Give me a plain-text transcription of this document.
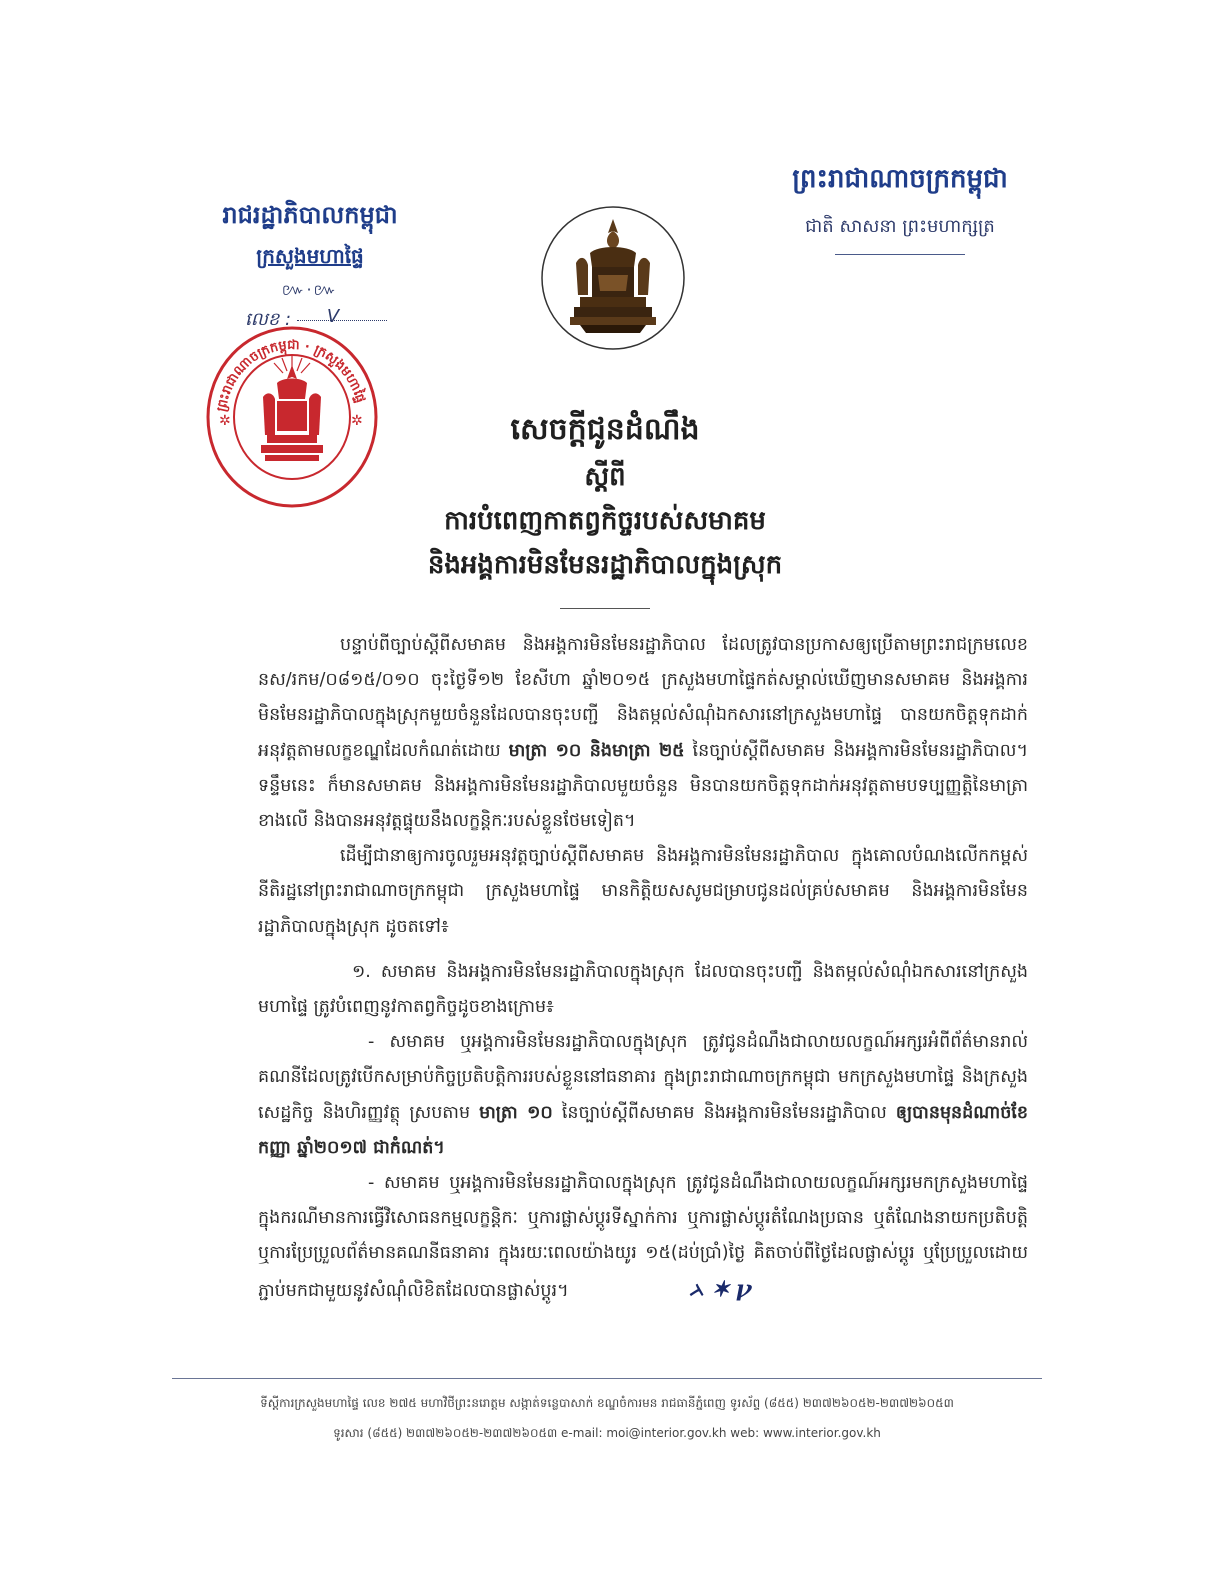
ព្រះរាជាណាចក្រកម្ពុជា
ជាតិ សាសនា ព្រះមហាក្សត្រ
រាជរដ្ឋាភិបាលកម្ពុជា
ក្រសួងមហាផ្ទៃ
៚·៚
លេខ : V
✲	✲
ព្រះរាជាណាចក្រកម្ពុជា · ក្រសួងមហាផ្ទៃ
សេចក្តីជូនដំណឹង
ស្តីពី
ការបំពេញកាតព្វកិច្ចរបស់សមាគម
និងអង្គការមិនមែនរដ្ឋាភិបាលក្នុងស្រុក

បន្ទាប់ពីច្បាប់ស្តីពីសមាគម និងអង្គការមិនមែនរដ្ឋាភិបាល ដែលត្រូវបានប្រកាសឲ្យប្រើតាមព្រះរាជក្រមលេខ នស/រកម/០៨១៥/០១០ ចុះថ្ងៃទី១២ ខែសីហា ឆ្នាំ២០១៥ ក្រសួងមហាផ្ទៃកត់សម្គាល់ឃើញមានសមាគម និងអង្គការមិនមែនរដ្ឋាភិបាលក្នុងស្រុកមួយចំនួនដែលបានចុះបញ្ជី និងតម្កល់សំណុំឯកសារនៅក្រសួងមហាផ្ទៃ បានយកចិត្តទុកដាក់អនុវត្តតាមលក្ខខណ្ឌដែលកំណត់ដោយ មាត្រា ១០ និងមាត្រា ២៥ នៃច្បាប់ស្តីពីសមាគម និងអង្គការមិនមែនរដ្ឋាភិបាល។ ទន្ទឹមនេះ ក៏មានសមាគម និងអង្គការមិនមែនរដ្ឋាភិបាលមួយចំនួន មិនបានយកចិត្តទុកដាក់អនុវត្តតាមបទប្បញ្ញត្តិនៃមាត្រាខាងលើ និងបានអនុវត្តផ្ទុយនឹងលក្ខន្តិកៈរបស់ខ្លួនថែមទៀត។

ដើម្បីជានាឲ្យការចូលរួមអនុវត្តច្បាប់ស្តីពីសមាគម និងអង្គការមិនមែនរដ្ឋាភិបាល ក្នុងគោលបំណងលើកកម្ពស់នីតិរដ្ឋនៅព្រះរាជាណាចក្រកម្ពុជា ក្រសួងមហាផ្ទៃ មានកិត្តិយសសូមជម្រាបជូនដល់គ្រប់សមាគម និងអង្គការមិនមែនរដ្ឋាភិបាលក្នុងស្រុក ដូចតទៅ៖

១. សមាគម និងអង្គការមិនមែនរដ្ឋាភិបាលក្នុងស្រុក ដែលបានចុះបញ្ជី និងតម្កល់សំណុំឯកសារនៅក្រសួងមហាផ្ទៃ ត្រូវបំពេញនូវកាតព្វកិច្ចដូចខាងក្រោម៖

- សមាគម ឬអង្គការមិនមែនរដ្ឋាភិបាលក្នុងស្រុក ត្រូវជូនដំណឹងជាលាយលក្ខណ៍អក្សរអំពីព័ត៌មានរាល់គណនីដែលត្រូវបើកសម្រាប់កិច្ចប្រតិបត្តិការរបស់ខ្លួននៅធនាគារ ក្នុងព្រះរាជាណាចក្រកម្ពុជា មកក្រសួងមហាផ្ទៃ និងក្រសួងសេដ្ឋកិច្ច និងហិរញ្ញវត្ថុ ស្របតាម មាត្រា ១០ នៃច្បាប់ស្តីពីសមាគម និងអង្គការមិនមែនរដ្ឋាភិបាល ឲ្យបានមុនដំណាច់ខែកញ្ញា ឆ្នាំ២០១៧ ជាកំណត់។

- សមាគម ឬអង្គការមិនមែនរដ្ឋាភិបាលក្នុងស្រុក ត្រូវជូនដំណឹងជាលាយលក្ខណ៍អក្សរមកក្រសួងមហាផ្ទៃ ក្នុងករណីមានការធ្វើវិសោធនកម្មលក្ខន្តិកៈ ឬការផ្លាស់ប្តូរទីស្នាក់ការ ឬការផ្លាស់ប្តូរតំណែងប្រធាន ឬតំណែងនាយកប្រតិបត្តិ ឬការប្រែប្រួលព័ត៌មានគណនីធនាគារ ក្នុងរយៈពេលយ៉ាងយូរ ១៥(ដប់ប្រាំ)ថ្ងៃ គិតចាប់ពីថ្ងៃដែលផ្លាស់ប្តូរ ឬប្រែប្រួលដោយភ្ជាប់មកជាមួយនូវសំណុំលិខិតដែលបានផ្លាស់ប្តូរ។	ᨂ ✶ ꝩ

ទីស្តីការក្រសួងមហាផ្ទៃ លេខ ២៧៥ មហាវិថីព្រះនរោត្តម សង្កាត់ទន្លេបាសាក់ ខណ្ឌចំការមន រាជធានីភ្នំពេញ ទូរស័ព្ទ (៨៥៥) ២៣៧២៦០៥២-២៣៧២៦០៥៣
ទូរសារ (៨៥៥) ២៣៧២៦០៥២-២៣៧២៦០៥៣ e-mail: moi@interior.gov.kh web: www.interior.gov.kh
